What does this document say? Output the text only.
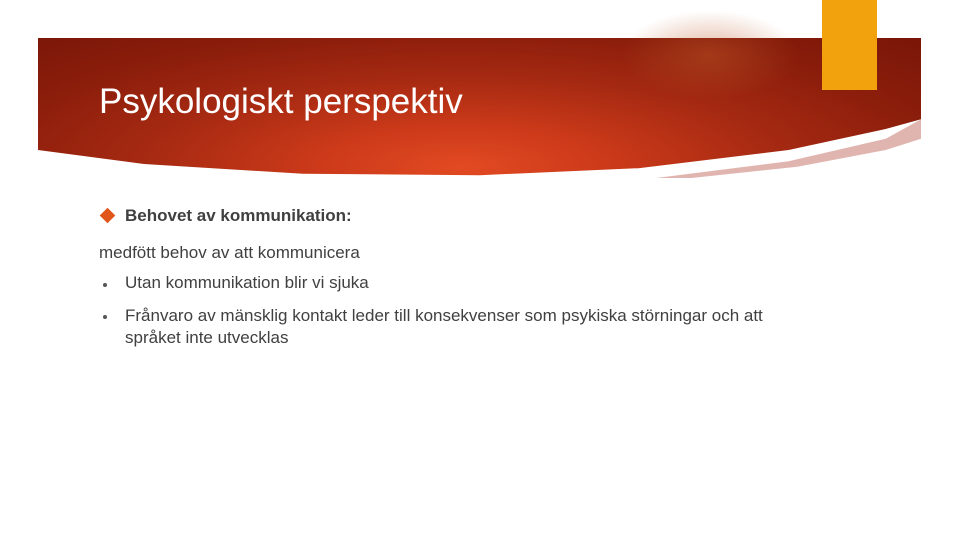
Psykologiskt perspektiv
Behovet av kommunikation:
medfött behov av att kommunicera
Utan kommunikation blir vi sjuka
Frånvaro av mänsklig kontakt leder till konsekvenser som psykiska störningar och att språket inte utvecklas
